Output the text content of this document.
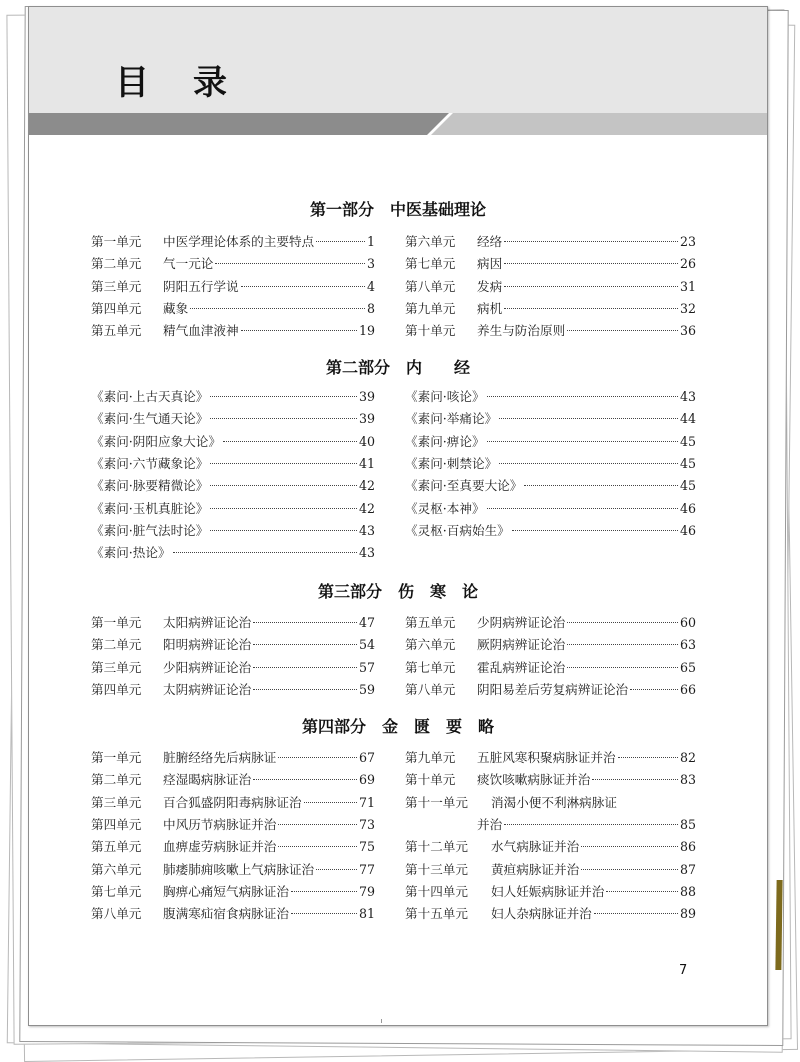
目录
第一部分　中医基础理论
第一单元	中医学理论体系的主要特点	1
第二单元	气一元论	3
第三单元	阴阳五行学说	4
第四单元	藏象	8
第五单元	精气血津液神	19
第六单元	经络	23
第七单元	病因	26
第八单元	发病	31
第九单元	病机	32
第十单元	养生与防治原则	36
第二部分　内　　经
《素问·上古天真论》	39
《素问·生气通天论》	39
《素问·阴阳应象大论》	40
《素问·六节藏象论》	41
《素问·脉要精微论》	42
《素问·玉机真脏论》	42
《素问·脏气法时论》	43
《素问·热论》	43
《素问·咳论》	43
《素问·举痛论》	44
《素问·痹论》	45
《素问·刺禁论》	45
《素问·至真要大论》	45
《灵枢·本神》	46
《灵枢·百病始生》	46
第三部分　伤　寒　论
第一单元	太阳病辨证论治	47
第二单元	阳明病辨证论治	54
第三单元	少阳病辨证论治	57
第四单元	太阴病辨证论治	59
第五单元	少阴病辨证论治	60
第六单元	厥阴病辨证论治	63
第七单元	霍乱病辨证论治	65
第八单元	阴阳易差后劳复病辨证论治	66
第四部分　金　匮　要　略
第一单元	脏腑经络先后病脉证	67
第二单元	痉湿暍病脉证治	69
第三单元	百合狐盛阴阳毒病脉证治	71
第四单元	中风历节病脉证并治	73
第五单元	血痹虚劳病脉证并治	75
第六单元	肺痿肺痈咳嗽上气病脉证治	77
第七单元	胸痹心痛短气病脉证治	79
第八单元	腹满寒疝宿食病脉证治	81
第九单元	五脏风寒积聚病脉证并治	82
第十单元	痰饮咳嗽病脉证并治	83
第十一单元	消渴小便不利淋病脉证
并治	85
第十二单元	水气病脉证并治	86
第十三单元	黄疸病脉证并治	87
第十四单元	妇人妊娠病脉证并治	88
第十五单元	妇人杂病脉证并治	89
7
